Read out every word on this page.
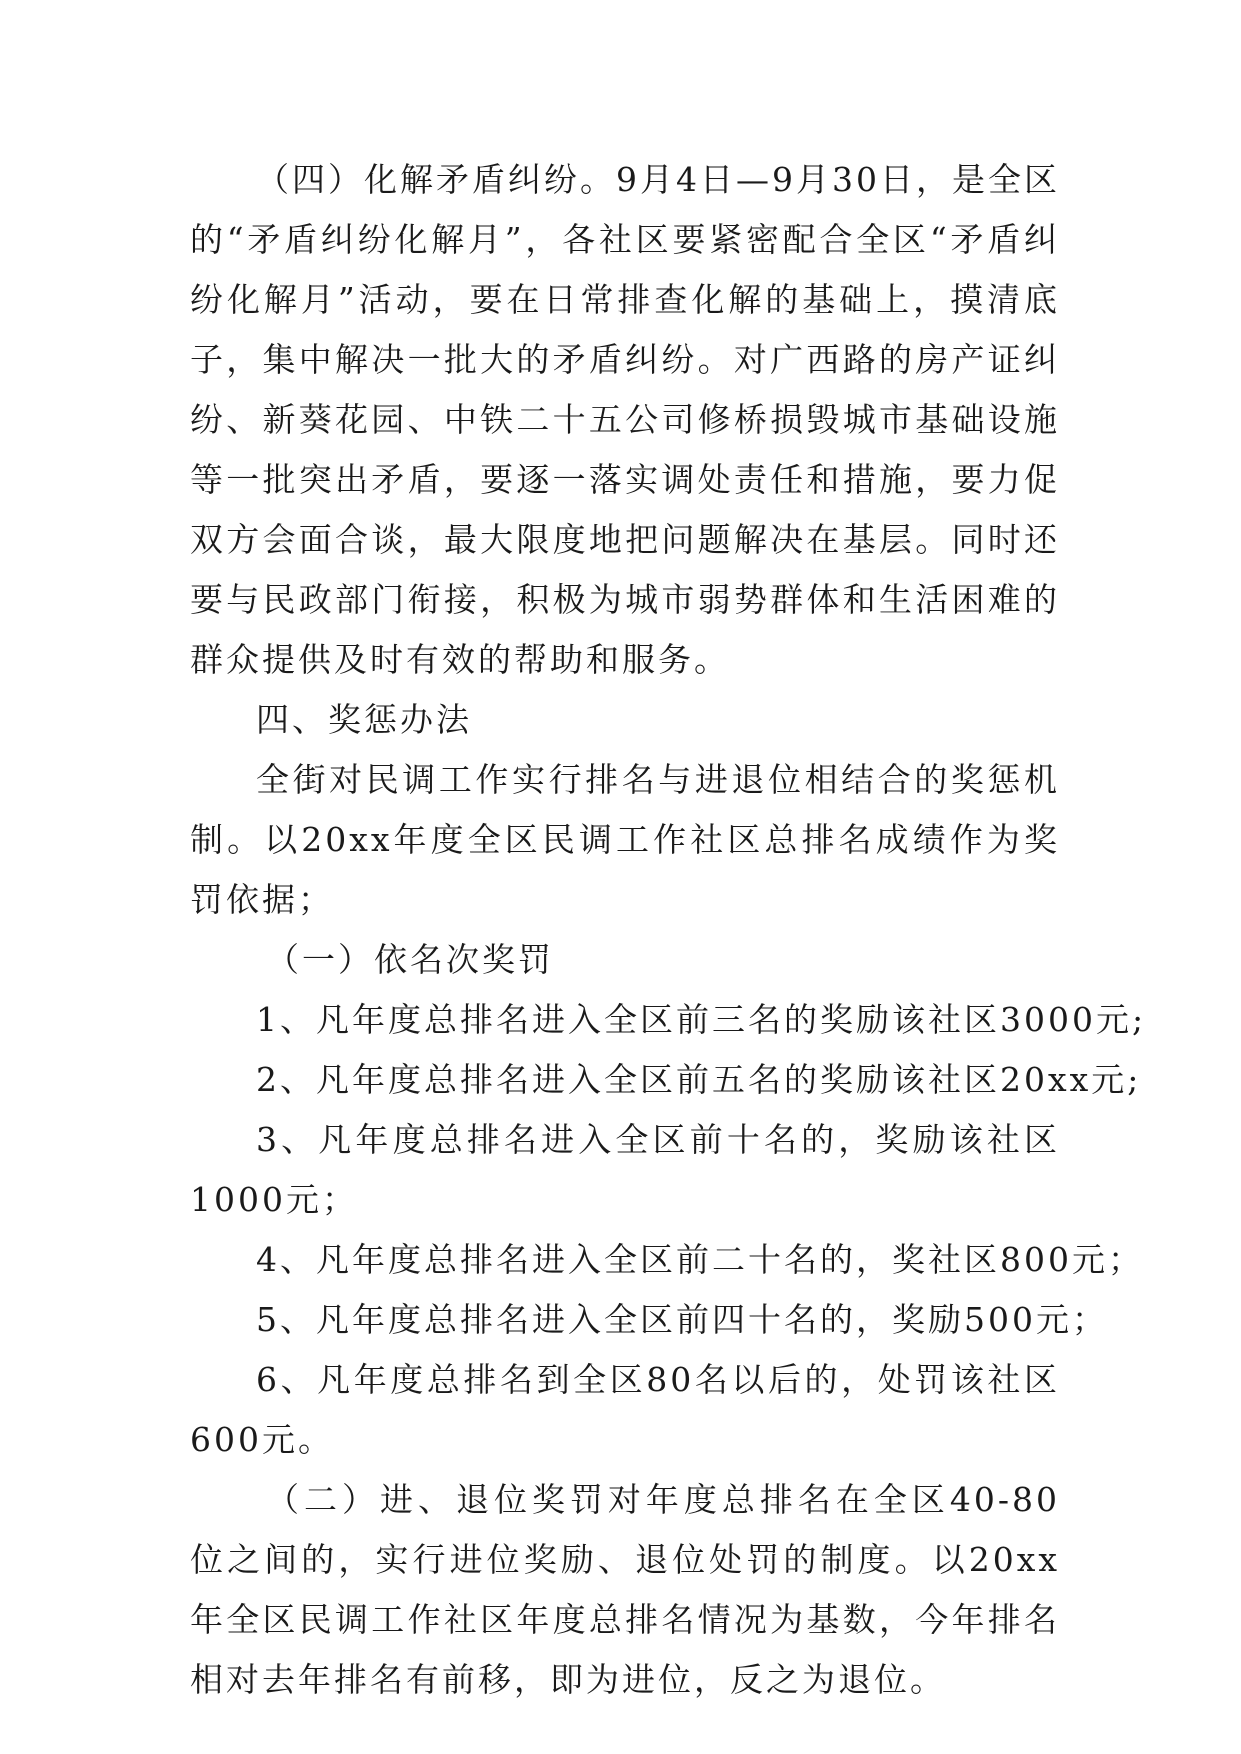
（四）化解矛盾纠纷。9月4日—9月30日，是全区的“矛盾纠纷化解月”，各社区要紧密配合全区“矛盾纠纷化解月”活动，要在日常排查化解的基础上，摸清底子，集中解决一批大的矛盾纠纷。对广西路的房产证纠纷、新葵花园、中铁二十五公司修桥损毁城市基础设施等一批突出矛盾，要逐一落实调处责任和措施，要力促双方会面合谈，最大限度地把问题解决在基层。同时还要与民政部门衔接，积极为城市弱势群体和生活困难的群众提供及时有效的帮助和服务。

四、奖惩办法

全街对民调工作实行排名与进退位相结合的奖惩机制。以20xx年度全区民调工作社区总排名成绩作为奖罚依据；

（一）依名次奖罚

1、凡年度总排名进入全区前三名的奖励该社区3000元;

2、凡年度总排名进入全区前五名的奖励该社区20xx元;

3、凡年度总排名进入全区前十名的，奖励该社区1000元；

4、凡年度总排名进入全区前二十名的，奖社区800元；

5、凡年度总排名进入全区前四十名的，奖励500元；

6、凡年度总排名到全区80名以后的，处罚该社区600元。

（二）进、退位奖罚对年度总排名在全区40-80位之间的，实行进位奖励、退位处罚的制度。以20xx年全区民调工作社区年度总排名情况为基数，今年排名相对去年排名有前移，即为进位，反之为退位。
